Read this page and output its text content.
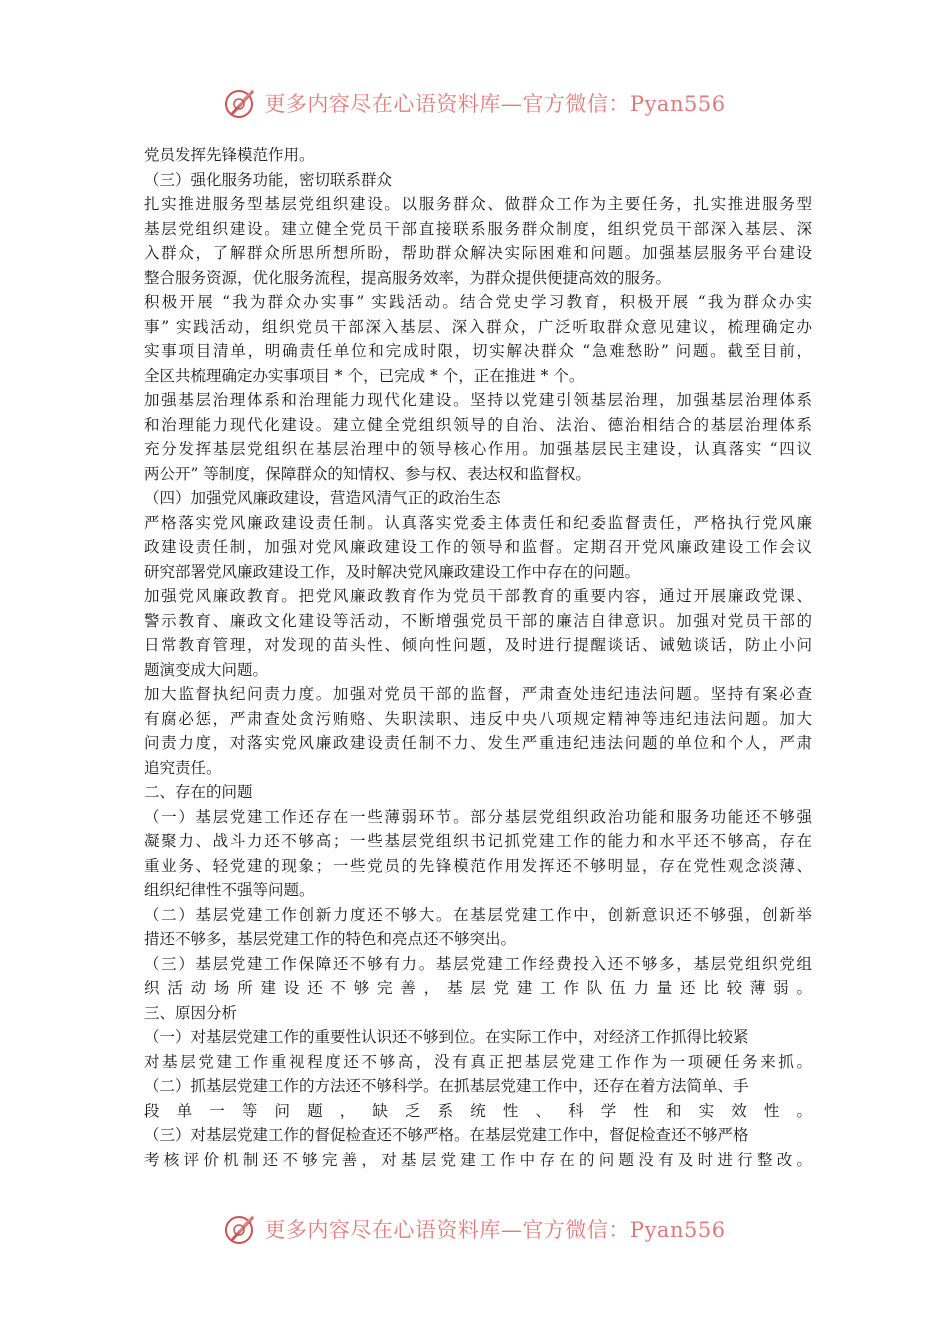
更多内容尽在心语资料库—官方微信：Pyan556
党员发挥先锋模范作用。
（三）强化服务功能，密切联系群众
扎实推进服务型基层党组织建设。以服务群众、做群众工作为主要任务，扎实推进服务型
基层党组织建设。建立健全党员干部直接联系服务群众制度，组织党员干部深入基层、深
入群众，了解群众所思所想所盼，帮助群众解决实际困难和问题。加强基层服务平台建设
整合服务资源，优化服务流程，提高服务效率，为群众提供便捷高效的服务。
积极开展 “我为群众办实事” 实践活动。结合党史学习教育，积极开展 “我为群众办实
事” 实践活动，组织党员干部深入基层、深入群众，广泛听取群众意见建议，梳理确定办
实事项目清单，明确责任单位和完成时限，切实解决群众 “急难愁盼” 问题。截至目前，
全区共梳理确定办实事项目 * 个，已完成 * 个，正在推进 * 个。
加强基层治理体系和治理能力现代化建设。坚持以党建引领基层治理，加强基层治理体系
和治理能力现代化建设。建立健全党组织领导的自治、法治、德治相结合的基层治理体系
充分发挥基层党组织在基层治理中的领导核心作用。加强基层民主建设，认真落实 “四议
两公开” 等制度，保障群众的知情权、参与权、表达权和监督权。
（四）加强党风廉政建设，营造风清气正的政治生态
严格落实党风廉政建设责任制。认真落实党委主体责任和纪委监督责任，严格执行党风廉
政建设责任制，加强对党风廉政建设工作的领导和监督。定期召开党风廉政建设工作会议
研究部署党风廉政建设工作，及时解决党风廉政建设工作中存在的问题。
加强党风廉政教育。把党风廉政教育作为党员干部教育的重要内容，通过开展廉政党课、
警示教育、廉政文化建设等活动，不断增强党员干部的廉洁自律意识。加强对党员干部的
日常教育管理，对发现的苗头性、倾向性问题，及时进行提醒谈话、诫勉谈话，防止小问
题演变成大问题。
加大监督执纪问责力度。加强对党员干部的监督，严肃查处违纪违法问题。坚持有案必查
有腐必惩，严肃查处贪污贿赂、失职渎职、违反中央八项规定精神等违纪违法问题。加大
问责力度，对落实党风廉政建设责任制不力、发生严重违纪违法问题的单位和个人，严肃
追究责任。
二、存在的问题
（一）基层党建工作还存在一些薄弱环节。部分基层党组织政治功能和服务功能还不够强
凝聚力、战斗力还不够高；一些基层党组织书记抓党建工作的能力和水平还不够高，存在
重业务、轻党建的现象；一些党员的先锋模范作用发挥还不够明显，存在党性观念淡薄、
组织纪律性不强等问题。
（二）基层党建工作创新力度还不够大。在基层党建工作中，创新意识还不够强，创新举
措还不够多，基层党建工作的特色和亮点还不够突出。
（三）基层党建工作保障还不够有力。基层党建工作经费投入还不够多，基层党组织党组
织活动场所建设还不够完善，基层党建工作队伍力量还比较薄弱。
三、原因分析
（一）对基层党建工作的重要性认识还不够到位。在实际工作中，对经济工作抓得比较紧
对基层党建工作重视程度还不够高，没有真正把基层党建工作作为一项硬任务来抓。
（二）抓基层党建工作的方法还不够科学。在抓基层党建工作中，还存在着方法简单、手
段单一等问题，缺乏系统性、科学性和实效性。
（三）对基层党建工作的督促检查还不够严格。在基层党建工作中，督促检查还不够严格
考核评价机制还不够完善，对基层党建工作中存在的问题没有及时进行整改。
更多内容尽在心语资料库—官方微信：Pyan556
